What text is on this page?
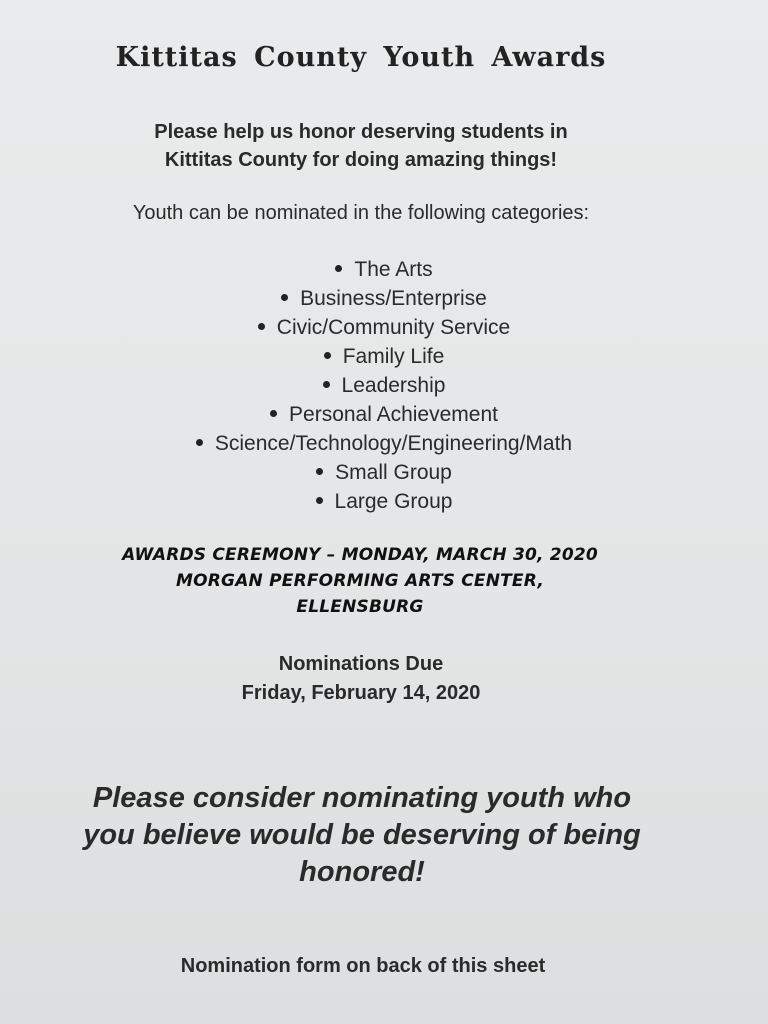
Kittitas County Youth Awards
Please help us honor deserving students in
Kittitas County for doing amazing things!
Youth can be nominated in the following categories:
The Arts
Business/Enterprise
Civic/Community Service
Family Life
Leadership
Personal Achievement
Science/Technology/Engineering/Math
Small Group
Large Group
AWARDS CEREMONY – MONDAY, MARCH 30, 2020
MORGAN PERFORMING ARTS CENTER,
ELLENSBURG
Nominations Due
Friday, February 14, 2020
Please consider nominating youth who
you believe would be deserving of being
honored!
Nomination form on back of this sheet
